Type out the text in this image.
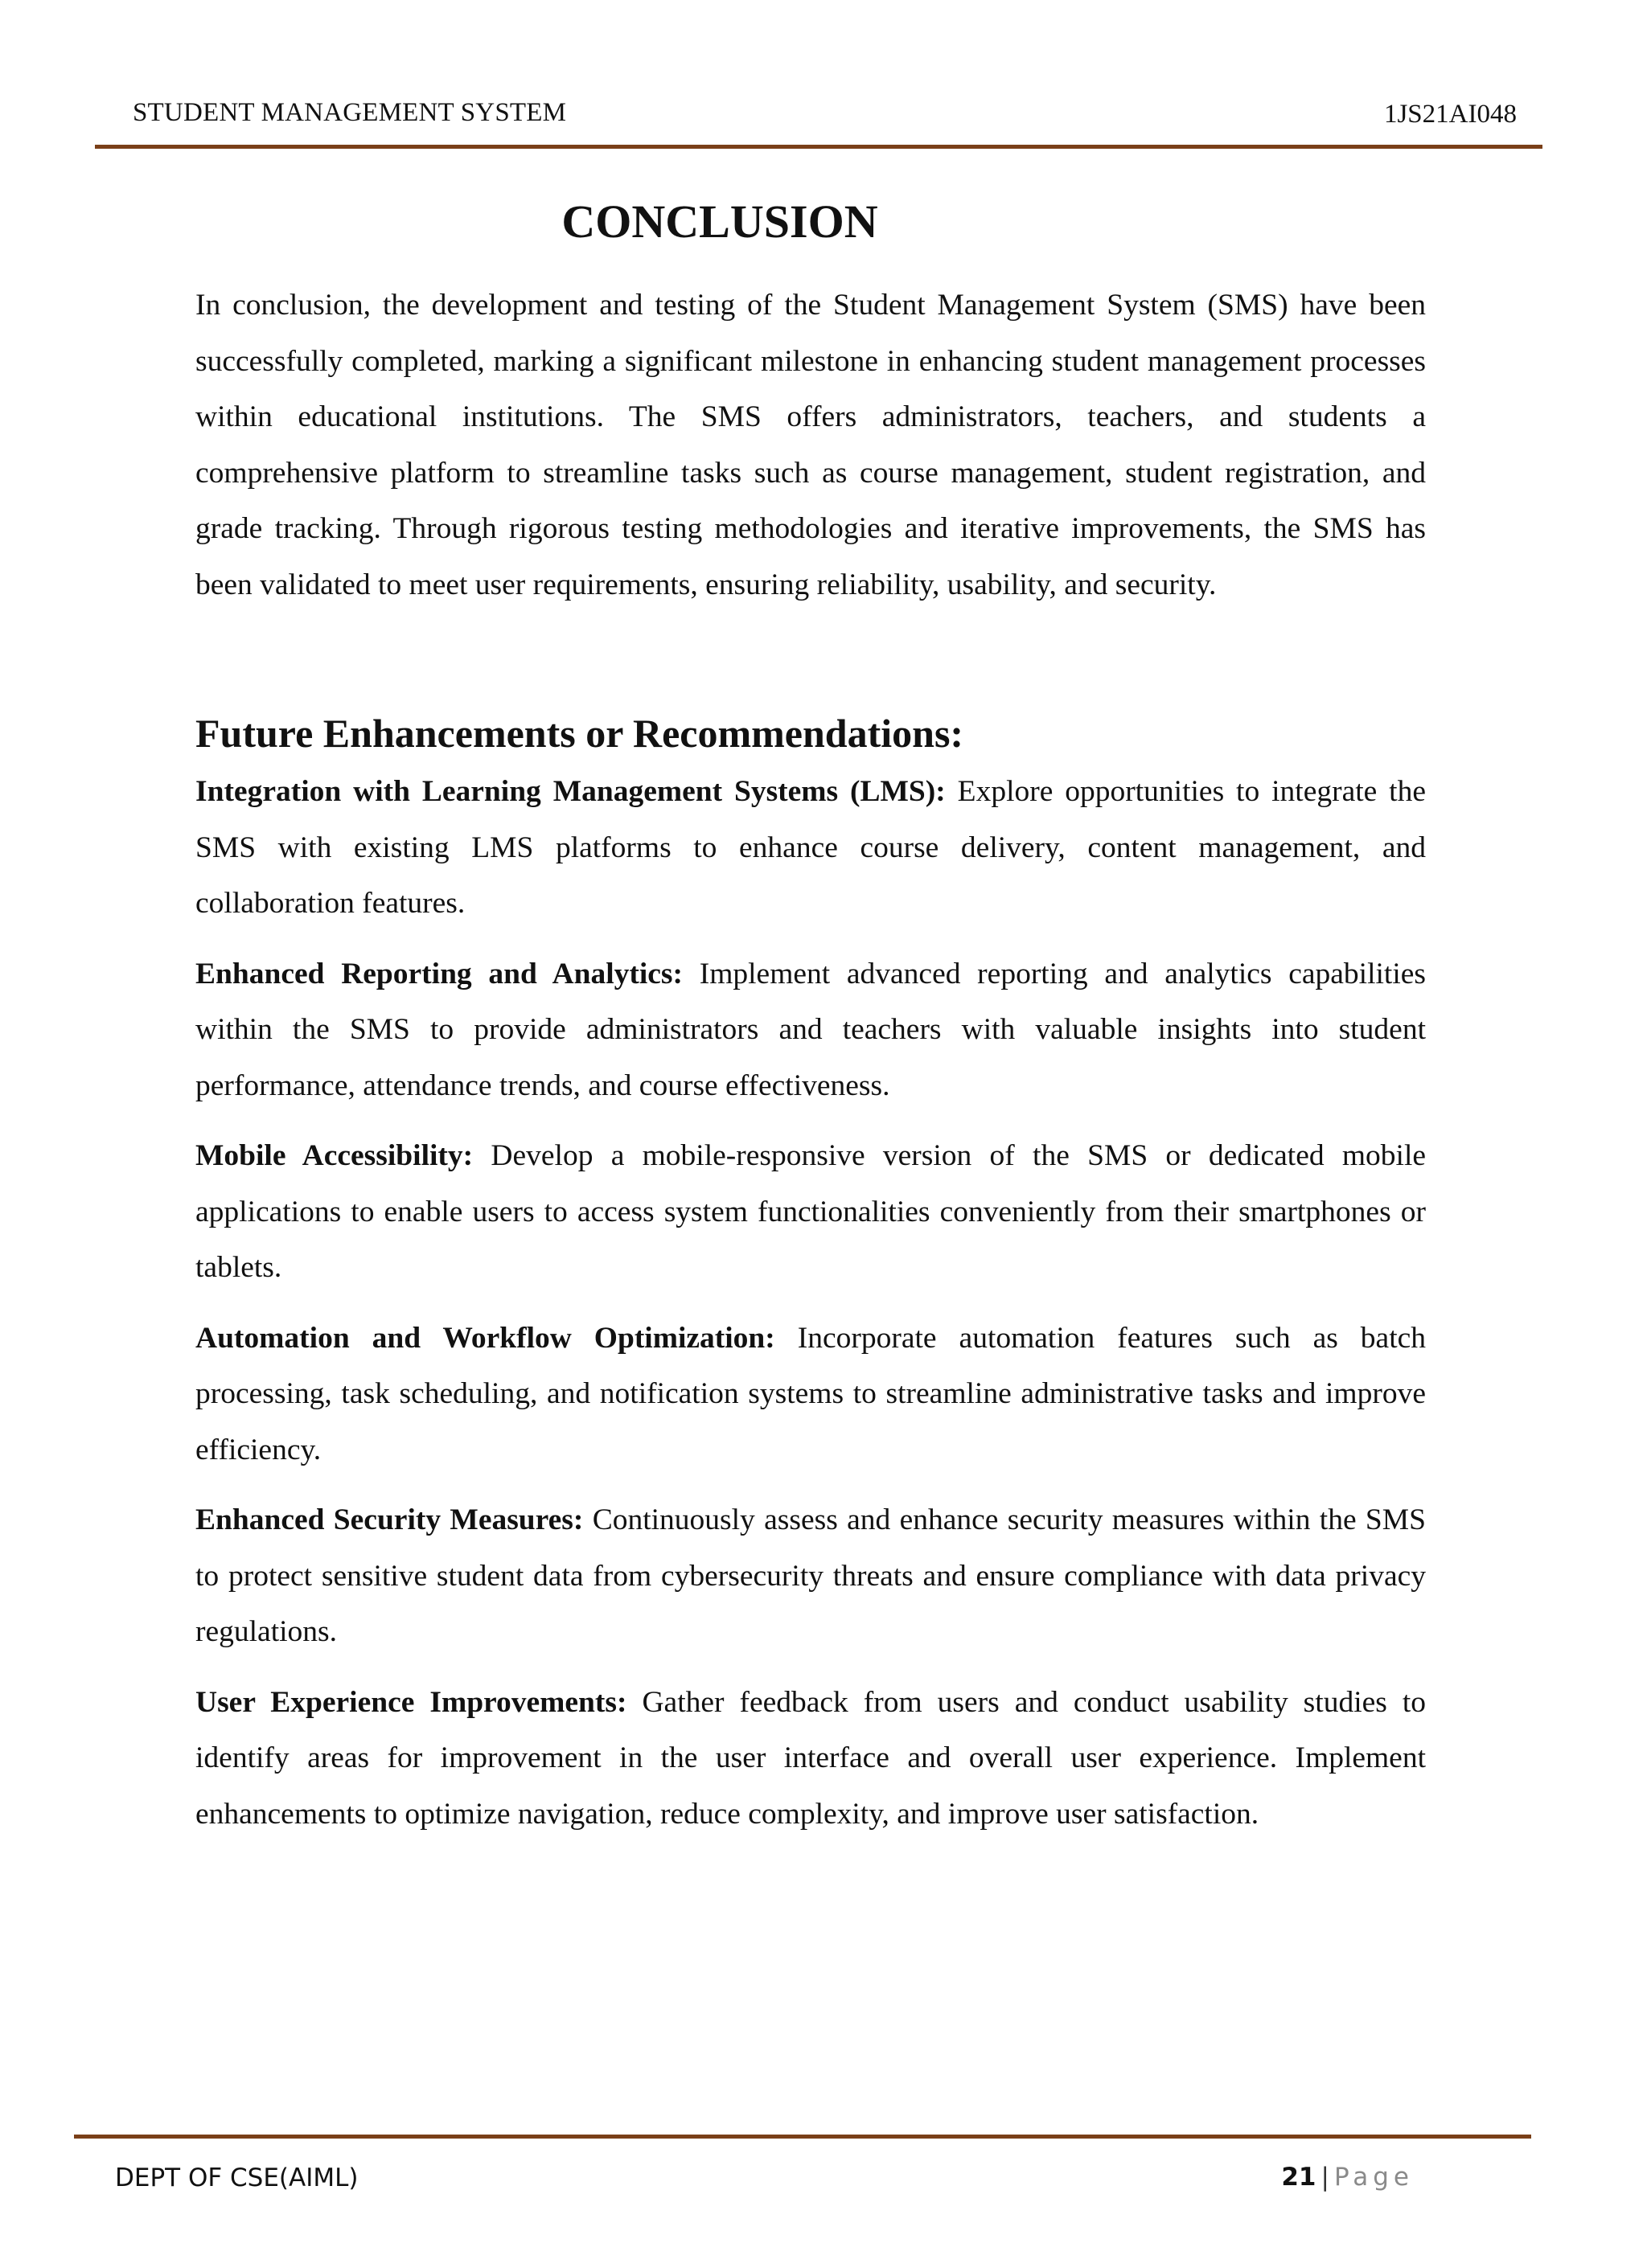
STUDENT MANAGEMENT SYSTEM	1JS21AI048
CONCLUSION

In conclusion, the development and testing of the Student Management System (SMS) have been successfully completed, marking a significant milestone in enhancing student management processes within educational institutions. The SMS offers administrators, teachers, and students a comprehensive platform to streamline tasks such as course management, student registration, and grade tracking. Through rigorous testing methodologies and iterative improvements, the SMS has been validated to meet user requirements, ensuring reliability, usability, and security.

Future Enhancements or Recommendations:

Integration with Learning Management Systems (LMS): Explore opportunities to integrate the SMS with existing LMS platforms to enhance course delivery, content management, and collaboration features.

Enhanced Reporting and Analytics: Implement advanced reporting and analytics capabilities within the SMS to provide administrators and teachers with valuable insights into student performance, attendance trends, and course effectiveness.

Mobile Accessibility: Develop a mobile-responsive version of the SMS or dedicated mobile applications to enable users to access system functionalities conveniently from their smartphones or tablets.

Automation and Workflow Optimization: Incorporate automation features such as batch processing, task scheduling, and notification systems to streamline administrative tasks and improve efficiency.

Enhanced Security Measures: Continuously assess and enhance security measures within the SMS to protect sensitive student data from cybersecurity threats and ensure compliance with data privacy regulations.

User Experience Improvements: Gather feedback from users and conduct usability studies to identify areas for improvement in the user interface and overall user experience. Implement enhancements to optimize navigation, reduce complexity, and improve user satisfaction.

DEPT OF CSE(AIML)	21 | Page
